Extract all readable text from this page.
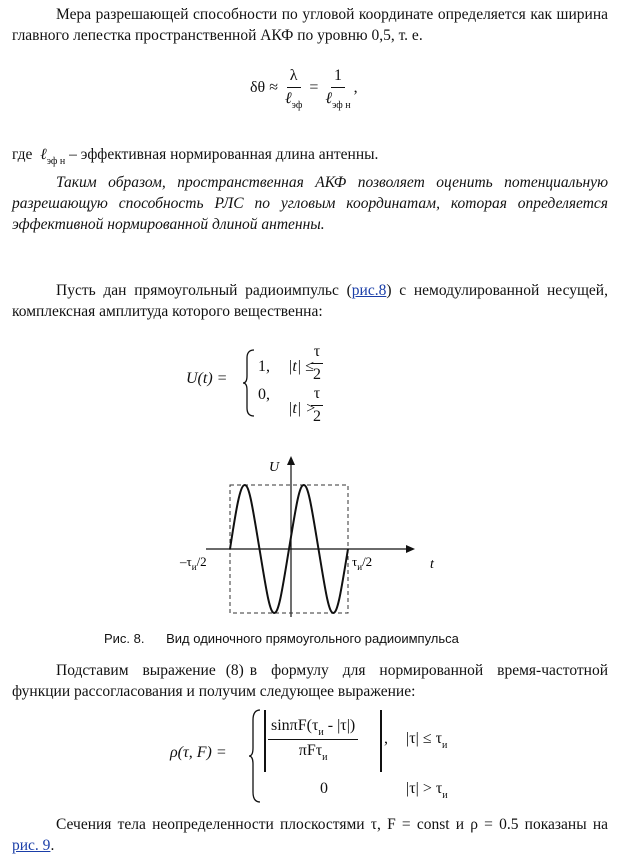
Мера разрешающей способности по угловой координате определяется как ширина главного лепестка пространственной АКФ по уровню 0,5, т. е.
$\delta\theta \approx \frac{\lambda}{\ell_{эф}} = \frac{1}{\ell_{эф н}}$ ,
где ℓ$_{эф н}$ – эффективная нормированная длина антенны.
Таким образом, пространственная АКФ позволяет оценить потенциальную разрешающую способность РЛС по угловым координатам, которая определяется эффективной нормированной длиной антенны.
Пусть дан прямоугольный радиоимпульс (рис.8) с немодулированной несущей, комплексная амплитуда которого вещественна:
U(t) =
1, |t| ≤
$\frac{\tau}{2}$
0,
|t| >
$\frac{\tau}{2}$
U
t
$-\tau_и/2$	$\tau_и/2$
Рис. 8. Вид одиночного прямоугольного радиоимпульса
Подставим выражение (8) в формулу для нормированной время-частотной функции рассогласования и получим следующее выражение:
ρ(τ, F) =
$\sin\pi F(\tau_и - |\tau|)$
πFτ$_и$
, $|\tau| \le \tau_и$
0	$|\tau| > \tau_и$
Сечения тела неопределенности плоскостями τ, F = const и ρ = 0.5 показаны на рис. 9.
